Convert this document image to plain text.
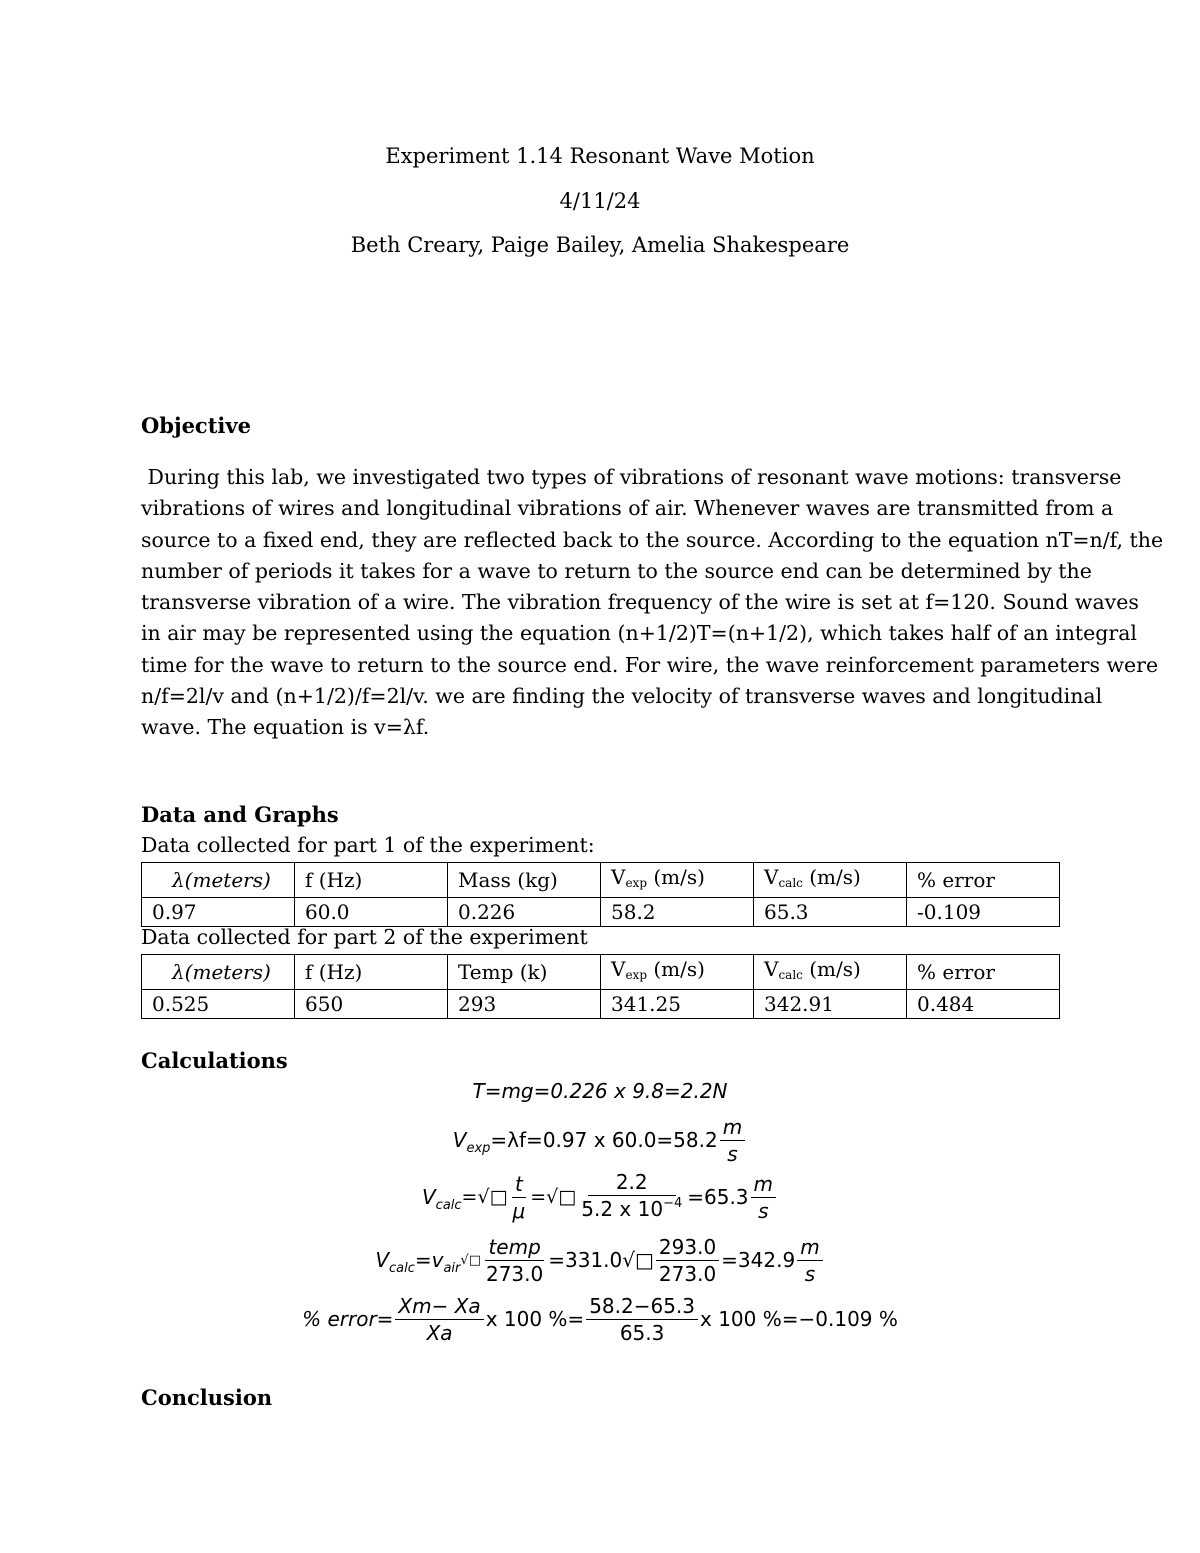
Experiment 1.14 Resonant Wave Motion
4/11/24
Beth Creary, Paige Bailey, Amelia Shakespeare
Objective
During this lab, we investigated two types of vibrations of resonant wave motions: transverse
vibrations of wires and longitudinal vibrations of air. Whenever waves are transmitted from a
source to a fixed end, they are reflected back to the source. According to the equation nT=n/f, the
number of periods it takes for a wave to return to the source end can be determined by the
transverse vibration of a wire. The vibration frequency of the wire is set at f=120. Sound waves
in air may be represented using the equation (n+1/2)T=(n+1/2), which takes half of an integral
time for the wave to return to the source end. For wire, the wave reinforcement parameters were
n/f=2l/v and (n+1/2)/f=2l/v. we are finding the velocity of transverse waves and longitudinal
wave. The equation is v=λf.
Data and Graphs
Data collected for part 1 of the experiment:
λ(meters)	f (Hz)	Mass (kg)	$V_{exp}$ (m/s)	$V_{calc}$ (m/s)	% error
0.97	60.0	0.226	58.2	65.3	-0.109
Data collected for part 2 of the experiment
λ(meters)	f (Hz)	Temp (k)	$V_{exp}$ (m/s)	$V_{calc}$ (m/s)	% error
0.525	650	293	341.25	342.91	0.484
Calculations
T =mg=0.226 x 9.8=2.2N
V exp =λf=0.97 x $60.0=58.2 \frac{m}{s}$
V calc =√□ $\frac{t}{\mu}$ =√□ $\frac{2.2}{5.2 x 10^{-4}} =65.3 \frac{m}{s}$
V calc =v air
√□ $\frac{\text{temp}}{273.0}$ =331.0√□ $\frac{293.0}{273.0} =342.9 \frac{m}{s}$
% error= $\frac{Xm- Xa}{Xa}$ x 100 %= $\frac{58.2-65.3}{65.3}$ x 100 %=−0.109 %
Conclusion
